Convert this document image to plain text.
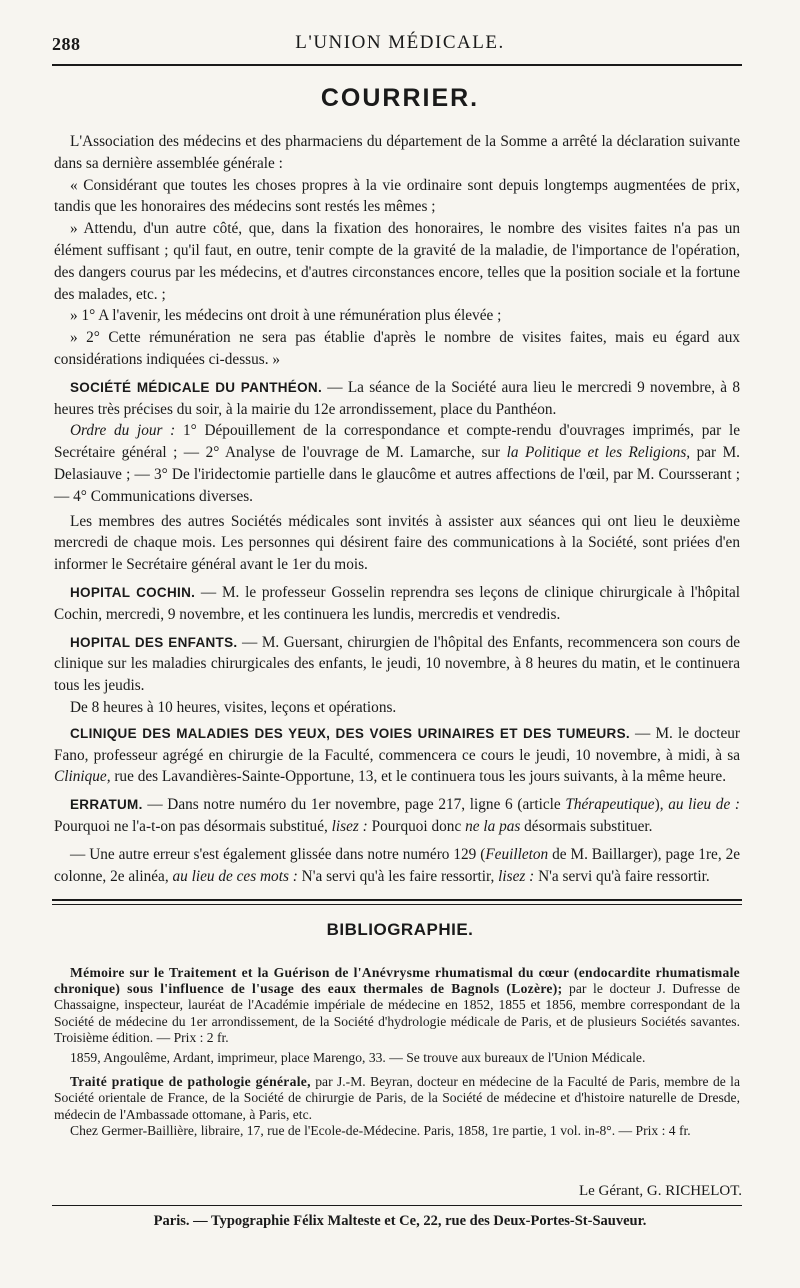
288	L'UNION MÉDICALE.
COURRIER.

L'Association des médecins et des pharmaciens du département de la Somme a arrêté la déclaration suivante dans sa dernière assemblée générale :

« Considérant que toutes les choses propres à la vie ordinaire sont depuis longtemps augmentées de prix, tandis que les honoraires des médecins sont restés les mêmes ;

» Attendu, d'un autre côté, que, dans la fixation des honoraires, le nombre des visites faites n'a pas un élément suffisant ; qu'il faut, en outre, tenir compte de la gravité de la maladie, de l'importance de l'opération, des dangers courus par les médecins, et d'autres circonstances encore, telles que la position sociale et la fortune des malades, etc. ;

» 1° A l'avenir, les médecins ont droit à une rémunération plus élevée ;

» 2° Cette rémunération ne sera pas établie d'après le nombre de visites faites, mais eu égard aux considérations indiquées ci-dessus. »

SOCIÉTÉ MÉDICALE DU PANTHÉON. — La séance de la Société aura lieu le mercredi 9 novembre, à 8 heures très précises du soir, à la mairie du 12e arrondissement, place du Panthéon.

Ordre du jour : 1° Dépouillement de la correspondance et compte-rendu d'ouvrages imprimés, par le Secrétaire général ; — 2° Analyse de l'ouvrage de M. Lamarche, sur la Politique et les Religions, par M. Delasiauve ; — 3° De l'iridectomie partielle dans le glaucôme et autres affections de l'œil, par M. Coursserant ; — 4° Communications diverses.

Les membres des autres Sociétés médicales sont invités à assister aux séances qui ont lieu le deuxième mercredi de chaque mois. Les personnes qui désirent faire des communications à la Société, sont priées d'en informer le Secrétaire général avant le 1er du mois.

HOPITAL COCHIN. — M. le professeur Gosselin reprendra ses leçons de clinique chirurgicale à l'hôpital Cochin, mercredi, 9 novembre, et les continuera les lundis, mercredis et vendredis.

HOPITAL DES ENFANTS. — M. Guersant, chirurgien de l'hôpital des Enfants, recommencera son cours de clinique sur les maladies chirurgicales des enfants, le jeudi, 10 novembre, à 8 heures du matin, et le continuera tous les jeudis.

De 8 heures à 10 heures, visites, leçons et opérations.

CLINIQUE DES MALADIES DES YEUX, DES VOIES URINAIRES ET DES TUMEURS. — M. le docteur Fano, professeur agrégé en chirurgie de la Faculté, commencera ce cours le jeudi, 10 novembre, à midi, à sa Clinique, rue des Lavandières-Sainte-Opportune, 13, et le continuera tous les jours suivants, à la même heure.

ERRATUM. — Dans notre numéro du 1er novembre, page 217, ligne 6 (article Thérapeutique), au lieu de : Pourquoi ne l'a-t-on pas désormais substitué, lisez : Pourquoi donc ne la pas désormais substituer.

— Une autre erreur s'est également glissée dans notre numéro 129 (Feuilleton de M. Baillarger), page 1re, 2e colonne, 2e alinéa, au lieu de ces mots : N'a servi qu'à les faire ressortir, lisez : N'a servi qu'à faire ressortir.

BIBLIOGRAPHIE.

Mémoire sur le Traitement et la Guérison de l'Anévrysme rhumatismal du cœur (endocardite rhumatismale chronique) sous l'influence de l'usage des eaux thermales de Bagnols (Lozère); par le docteur J. Dufresse de Chassaigne, inspecteur, lauréat de l'Académie impériale de médecine en 1852, 1855 et 1856, membre correspondant de la Société de médecine du 1er arrondissement, de la Société d'hydrologie médicale de Paris, et de plusieurs Sociétés savantes. Troisième édition. — Prix : 2 fr.

1859, Angoulême, Ardant, imprimeur, place Marengo, 33. — Se trouve aux bureaux de l'Union Médicale.

Traité pratique de pathologie générale, par J.-M. Beyran, docteur en médecine de la Faculté de Paris, membre de la Société orientale de France, de la Société de chirurgie de Paris, de la Société de médecine et d'histoire naturelle de Dresde, médecin de l'Ambassade ottomane, à Paris, etc.

Chez Germer-Baillière, libraire, 17, rue de l'Ecole-de-Médecine. Paris, 1858, 1re partie, 1 vol. in-8°. — Prix : 4 fr.

Le Gérant, G. RICHELOT.
Paris. — Typographie Félix Malteste et Ce, 22, rue des Deux-Portes-St-Sauveur.
